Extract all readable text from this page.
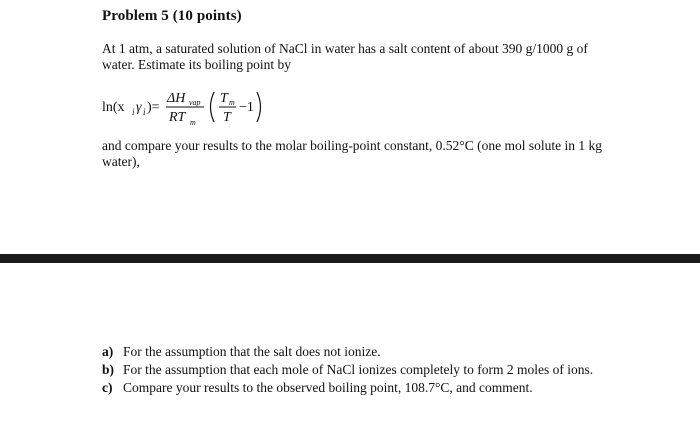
Problem 5 (10 points)
At 1 atm, a saturated solution of NaCl in water has a salt content of about 390 g/1000 g of water. Estimate its boiling point by
ln(x i γ i )=
ΔH vap
RT m
T m
T
−1
and compare your results to the molar boiling-point constant, 0.52°C (one mol solute in 1 kg water),
a) For the assumption that the salt does not ionize.
b) For the assumption that each mole of NaCl ionizes completely to form 2 moles of ions.
c) Compare your results to the observed boiling point, 108.7°C, and comment.
